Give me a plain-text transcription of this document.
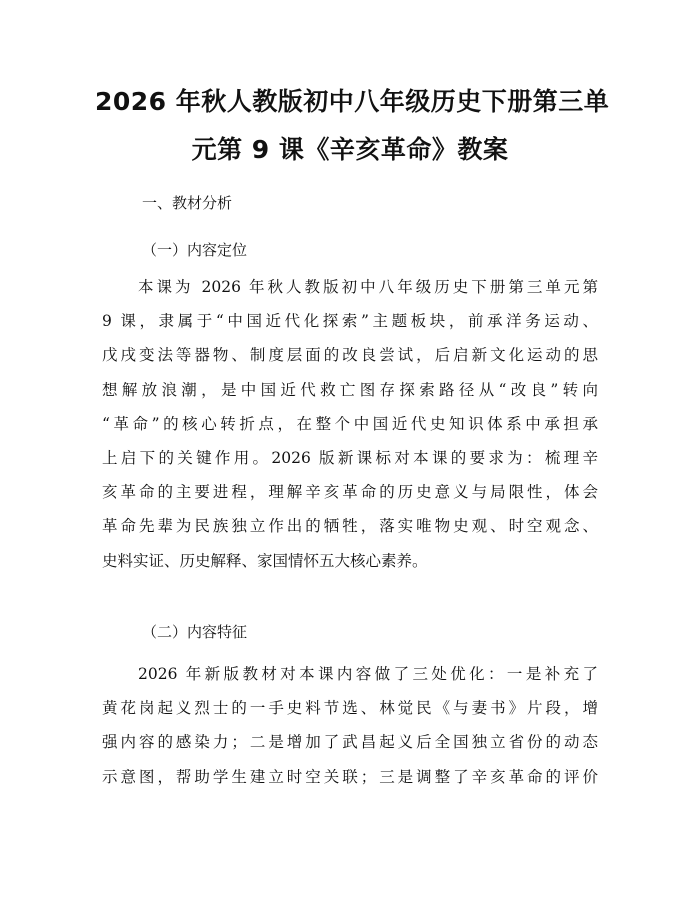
2026 年秋人教版初中八年级历史下册第三单
元第 9 课《辛亥革命》教案
一、教材分析
（一）内容定位
本课为 2026 年秋人教版初中八年级历史下册第三单元第
9 课，隶属于“中国近代化探索”主题板块，前承洋务运动、
戊戌变法等器物、制度层面的改良尝试，后启新文化运动的思
想解放浪潮，是中国近代救亡图存探索路径从“改良”转向
“革命”的核心转折点，在整个中国近代史知识体系中承担承
上启下的关键作用。2026 版新课标对本课的要求为：梳理辛
亥革命的主要进程，理解辛亥革命的历史意义与局限性，体会
革命先辈为民族独立作出的牺牲，落实唯物史观、时空观念、
史料实证、历史解释、家国情怀五大核心素养。
（二）内容特征
2026 年新版教材对本课内容做了三处优化：一是补充了
黄花岗起义烈士的一手史料节选、林觉民《与妻书》片段，增
强内容的感染力；二是增加了武昌起义后全国独立省份的动态
示意图，帮助学生建立时空关联；三是调整了辛亥革命的评价
